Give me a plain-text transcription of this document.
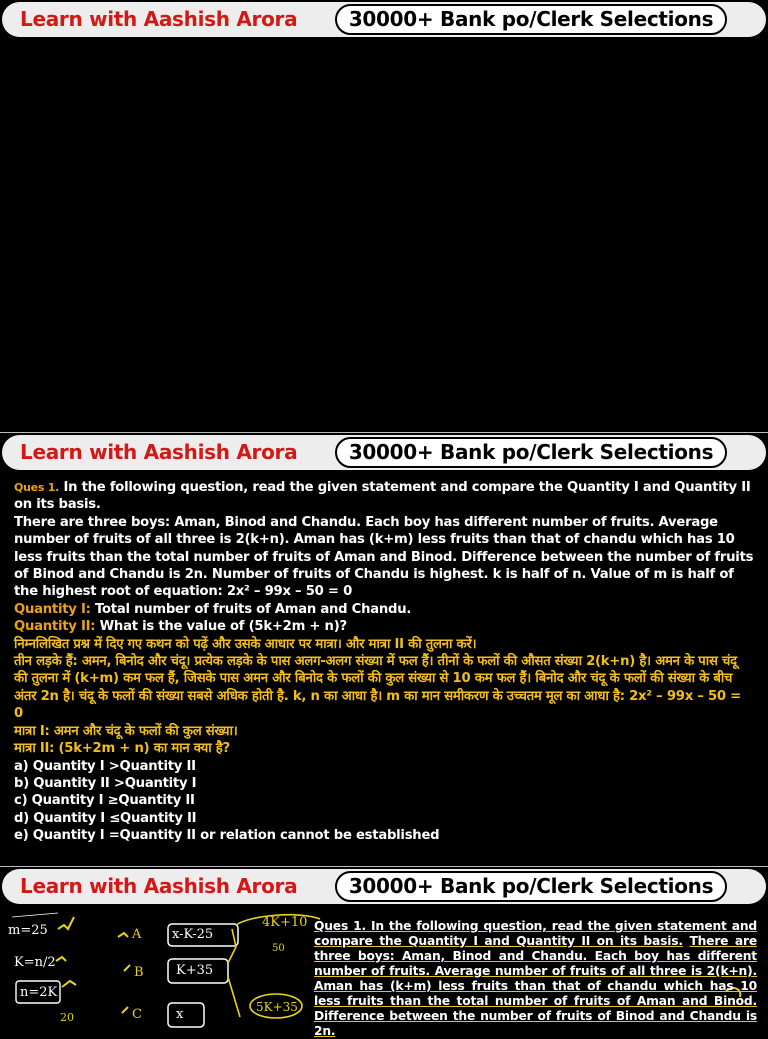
Learn with Aashish Arora	30000+ Bank po/Clerk Selections
Learn with Aashish Arora	30000+ Bank po/Clerk Selections

Ques 1. In the following question, read the given statement and compare the Quantity I and Quantity II on its basis.

There are three boys: Aman, Binod and Chandu. Each boy has different number of fruits. Average number of fruits of all three is 2(k+n). Aman has (k+m) less fruits than that of chandu which has 10 less fruits than the total number of fruits of Aman and Binod. Difference between the number of fruits of Binod and Chandu is 2n. Number of fruits of Chandu is highest. k is half of n. Value of m is half of the highest root of equation: 2x² – 99x – 50 = 0

Quantity I: Total number of fruits of Aman and Chandu.

Quantity II: What is the value of (5k+2m + n)?

निम्नलिखित प्रश्न में दिए गए कथन को पढ़ें और उसके आधार पर मात्रा। और मात्रा II की तुलना करें।

तीन लड़के हैं: अमन, बिनोद और चंदू। प्रत्येक लड़के के पास अलग-अलग संख्या में फल हैं। तीनों के फलों की औसत संख्या 2(k+n) है। अमन के पास चंदू की तुलना में (k+m) कम फल हैं, जिसके पास अमन और बिनोद के फलों की कुल संख्या से 10 कम फल हैं। बिनोद और चंदू के फलों की संख्या के बीच अंतर 2n है। चंदू के फलों की संख्या सबसे अधिक होती है. k, n का आधा है। m का मान समीकरण के उच्चतम मूल का आधा है: 2x² – 99x – 50 = 0

मात्रा I: अमन और चंदू के फलों की कुल संख्या।

मात्रा II: (5k+2m + n) का मान क्या है?

a) Quantity I >Quantity II

b) Quantity II >Quantity I

c) Quantity I ≥Quantity II

d) Quantity I ≤Quantity II

e) Quantity I =Quantity II or relation cannot be established

Learn with Aashish Arora	30000+ Bank po/Clerk Selections
m=25
K=n/2
n=2K
A
B
C
x-K-25
K+35
x
4K+10
5K+35
50
20
Ques 1. In the following question, read the given statement and compare the Quantity I and Quantity II on its basis. There are three boys: Aman, Binod and Chandu. Each boy has different number of fruits. Average number of fruits of all three is 2(k+n). Aman has (k+m) less fruits than that of chandu which has 10 less fruits than the total number of fruits of Aman and Binod. Difference between the number of fruits of Binod and Chandu is 2n.
